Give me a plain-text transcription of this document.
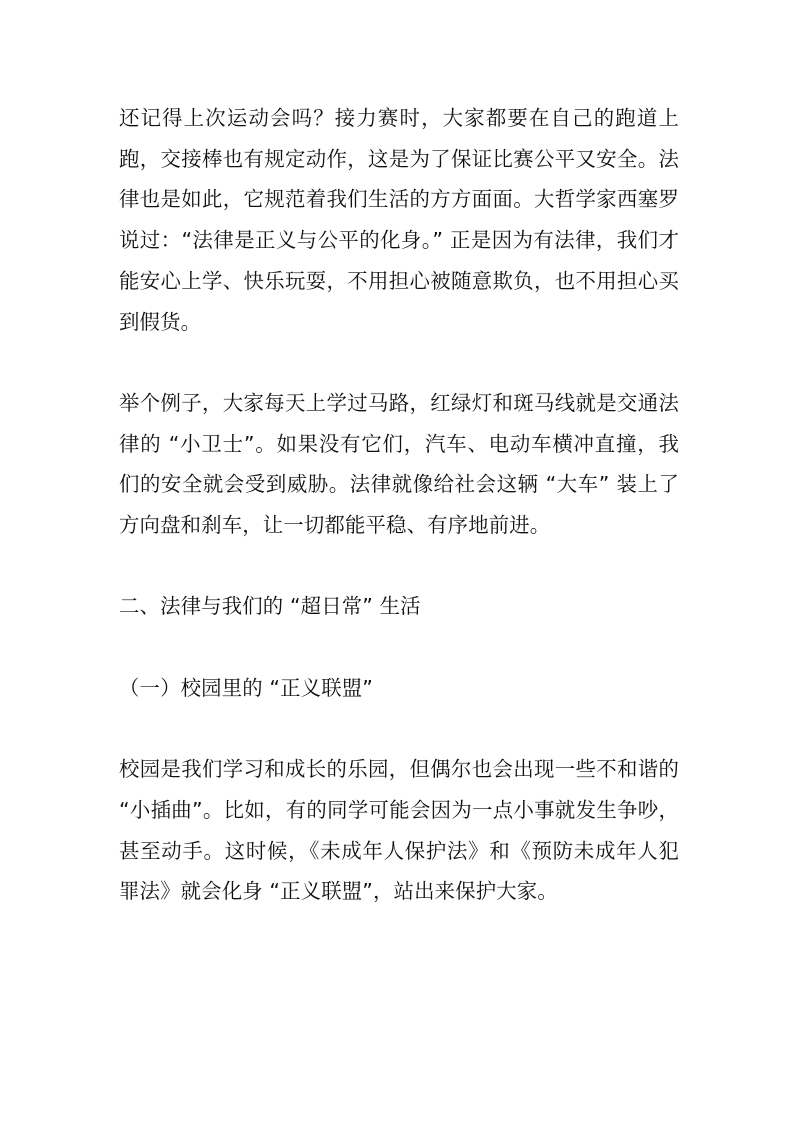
还记得上次运动会吗？接力赛时，大家都要在自己的跑道上跑，交接棒也有规定动作，这是为了保证比赛公平又安全。法律也是如此，它规范着我们生活的方方面面。大哲学家西塞罗说过：“法律是正义与公平的化身。” 正是因为有法律，我们才能安心上学、快乐玩耍，不用担心被随意欺负，也不用担心买到假货。

举个例子，大家每天上学过马路，红绿灯和斑马线就是交通法律的 “小卫士”。如果没有它们，汽车、电动车横冲直撞，我们的安全就会受到威胁。法律就像给社会这辆 “大车” 装上了方向盘和刹车，让一切都能平稳、有序地前进。

二、法律与我们的 “超日常” 生活

（一）校园里的 “正义联盟”

校园是我们学习和成长的乐园，但偶尔也会出现一些不和谐的 “小插曲”。比如，有的同学可能会因为一点小事就发生争吵，甚至动手。这时候，《未成年人保护法》和《预防未成年人犯罪法》就会化身 “正义联盟”，站出来保护大家。
